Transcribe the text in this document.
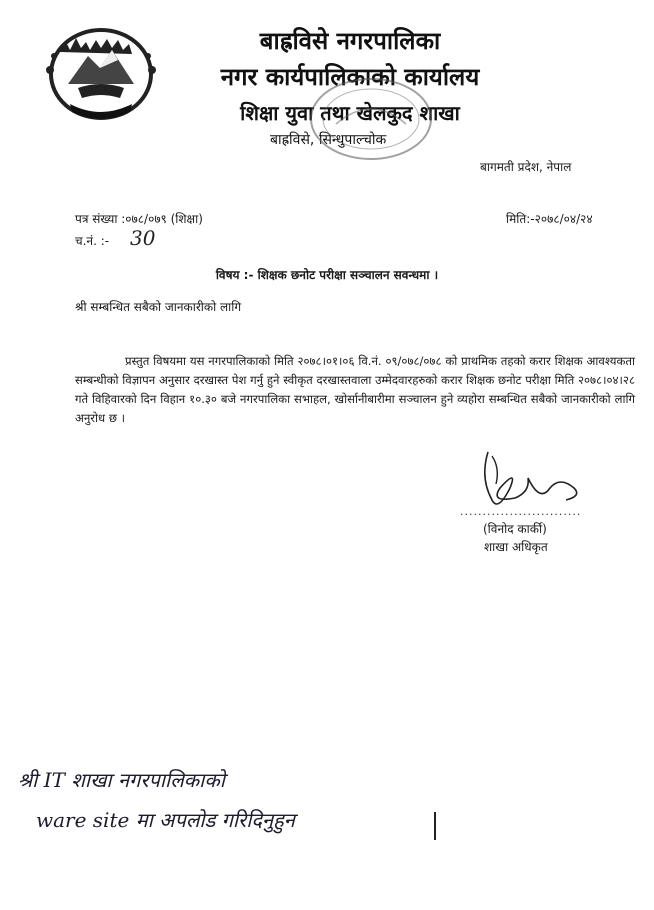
बाह्रविसे नगरपालिका
नगर कार्यपालिकाको कार्यालय
शिक्षा युवा तथा खेलकुद शाखा
बाह्रविसे, सिन्धुपाल्चोक
बागमती प्रदेश, नेपाल
पत्र संख्या :०७८/०७९ (शिक्षा)	मिति:-२०७८/०४/२४
च.नं. :- 30
विषय :- शिक्षक छनोट परीक्षा सञ्चालन सवन्धमा ।
श्री सम्बन्धित सबैको जानकारीको लागि

प्रस्तुत विषयमा यस नगरपालिकाको मिति २०७८।०१।०६ वि.नं. ०९/०७८/०७८ को प्राथमिक तहको करार शिक्षक आवश्यकता सम्बन्धीको विज्ञापन अनुसार दरखास्त पेश गर्नु हुने स्वीकृत दरखास्तवाला उम्मेदवारहरुको करार शिक्षक छनोट परीक्षा मिति २०७८।०४।२८ गते विहिवारको दिन विहान १०.३० बजे नगरपालिका सभाहल, खोर्सानीबारीमा सञ्चालन हुने व्यहोरा सम्बन्धित सबैको जानकारीको लागि अनुरोध छ ।

...........................
(विनोद कार्की)
शाखा अधिकृत
श्री IT शाखा नगरपालिकाको
ware site मा अपलोड गरिदिनुहुन
